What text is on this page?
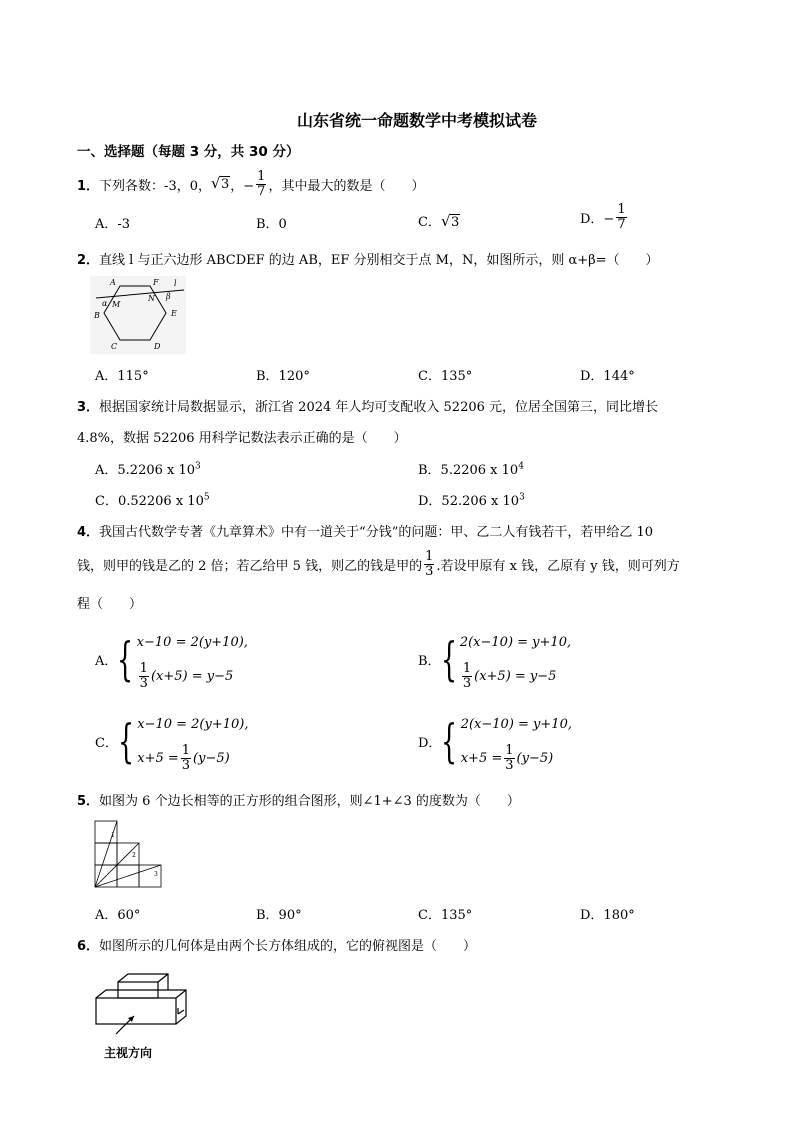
山东省统一命题数学中考模拟试卷
一、选择题（每题 3 分，共 30 分）
1． 下列各数：-3，0， √ 3 ，− $\frac{1}{7}$ ，其中最大的数是（　　）
A．-3	B．0	C． √ 3	D．− $\frac{1}{7}$
2．直线 l 与正六边形 ABCDEF 的边 AB，EF 分别相交于点 M，N，如图所示，则 α+β=（　　）
A	F l
α M
N β
B	E
C	D
A．115°	B．120°	C．135°	D．144°
3．根据国家统计局数据显示，浙江省 2024 年人均可支配收入 52206 元，位居全国第三，同比增长
4.8%，数据 52206 用科学记数法表示正确的是（　　）
A．5.2206 x $10^3$	B．5.2206 x $10^4$
C．0.52206 x $10^5$	D．52.206 x $10^3$
4．我国古代数学专著《九章算术》中有一道关于“分钱”的问题：甲、乙二人有钱若干，若甲给乙 10
钱，则甲的钱是乙的 2 倍；若乙给甲 5 钱，则乙的钱是甲的 $\frac{1}{3}$ .若设甲原有 x 钱，乙原有 y 钱，则可列方
程（　　）
A． { x−10 = 2(y+10),
$\frac{1}{3} (x+5) = y-5$
B． { 2(x−10) = y+10,
$\frac{1}{3} (x+5) = y-5$
C． { x−10 = 2(y+10),
$x+5 = \frac{1}{3} (y-5)$
D． { 2(x−10) = y+10,
$x+5 = \frac{1}{3} (y-5)$
5．如图为 6 个边长相等的正方形的组合图形，则∠1+∠3 的度数为（　　）
1
2
3
A．60°	B．90°	C．135°	D．180°
6．如图所示的几何体是由两个长方体组成的，它的俯视图是（　　）
主视方向
